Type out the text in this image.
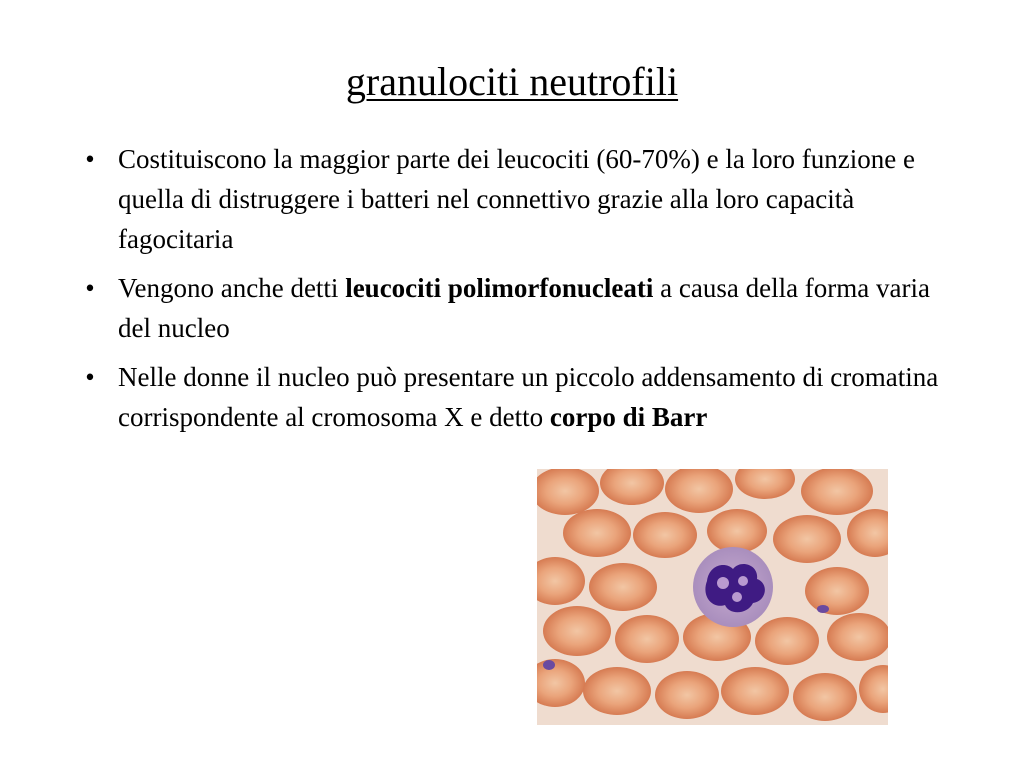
granulociti neutrofili
• Costituiscono la maggior parte dei leucociti (60-70%) e la loro funzione e quella di distruggere i batteri nel connettivo grazie alla loro capacità fagocitaria
• Vengono anche detti leucociti polimorfonucleati a causa della forma varia del nucleo
• Nelle donne il nucleo può presentare un piccolo addensamento di cromatina corrispondente al cromosoma X e detto corpo di Barr
